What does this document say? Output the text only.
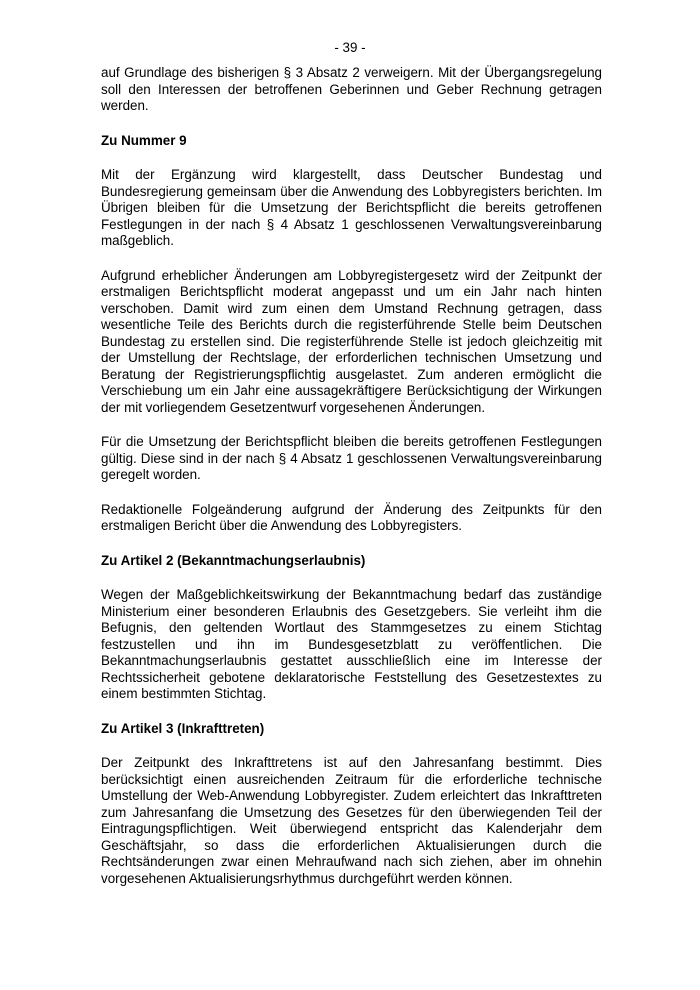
- 39 -

auf Grundlage des bisherigen § 3 Absatz 2 verweigern. Mit der Übergangsregelung soll den Interessen der betroffenen Geberinnen und Geber Rechnung getragen werden.

Zu Nummer 9

Mit der Ergänzung wird klargestellt, dass Deutscher Bundestag und Bundesregierung gemeinsam über die Anwendung des Lobbyregisters berichten. Im Übrigen bleiben für die Umsetzung der Berichtspflicht die bereits getroffenen Festlegungen in der nach § 4 Absatz 1 geschlossenen Verwaltungsvereinbarung maßgeblich.

Aufgrund erheblicher Änderungen am Lobbyregistergesetz wird der Zeitpunkt der erstmaligen Berichtspflicht moderat angepasst und um ein Jahr nach hinten verschoben. Damit wird zum einen dem Umstand Rechnung getragen, dass wesentliche Teile des Berichts durch die registerführende Stelle beim Deutschen Bundestag zu erstellen sind. Die registerführende Stelle ist jedoch gleichzeitig mit der Umstellung der Rechtslage, der erforderlichen technischen Umsetzung und Beratung der Registrierungspflichtig ausgelastet. Zum anderen ermöglicht die Verschiebung um ein Jahr eine aussagekräftigere Berücksichtigung der Wirkungen der mit vorliegendem Gesetzentwurf vorgesehenen Änderungen.

Für die Umsetzung der Berichtspflicht bleiben die bereits getroffenen Festlegungen gültig. Diese sind in der nach § 4 Absatz 1 geschlossenen Verwaltungsvereinbarung geregelt worden.

Redaktionelle Folgeänderung aufgrund der Änderung des Zeitpunkts für den erstmaligen Bericht über die Anwendung des Lobbyregisters.

Zu Artikel 2 (Bekanntmachungserlaubnis)

Wegen der Maßgeblichkeitswirkung der Bekanntmachung bedarf das zuständige Ministerium einer besonderen Erlaubnis des Gesetzgebers. Sie verleiht ihm die Befugnis, den geltenden Wortlaut des Stammgesetzes zu einem Stichtag festzustellen und ihn im Bundesgesetzblatt zu veröffentlichen. Die Bekanntmachungserlaubnis gestattet ausschließlich eine im Interesse der Rechtssicherheit gebotene deklaratorische Feststellung des Gesetzestextes zu einem bestimmten Stichtag.

Zu Artikel 3 (Inkrafttreten)

Der Zeitpunkt des Inkrafttretens ist auf den Jahresanfang bestimmt. Dies berücksichtigt einen ausreichenden Zeitraum für die erforderliche technische Umstellung der Web-Anwendung Lobbyregister. Zudem erleichtert das Inkrafttreten zum Jahresanfang die Umsetzung des Gesetzes für den überwiegenden Teil der Eintragungspflichtigen. Weit überwiegend entspricht das Kalenderjahr dem Geschäftsjahr, so dass die erforderlichen Aktualisierungen durch die Rechtsänderungen zwar einen Mehraufwand nach sich ziehen, aber im ohnehin vorgesehenen Aktualisierungsrhythmus durchgeführt werden können.
